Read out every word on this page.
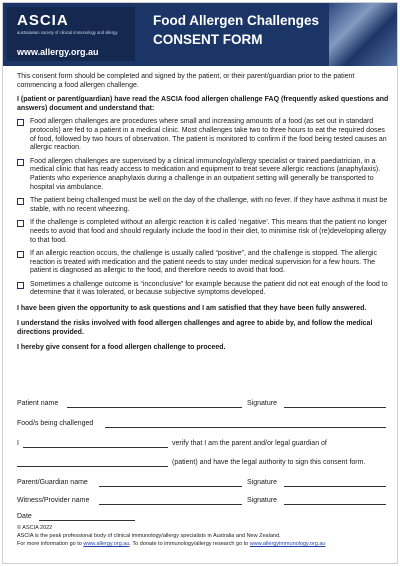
ASCIA
australasian society of clinical immunology and allergy
www.allergy.org.au
Food Allergen Challenges
CONSENT FORM

This consent form should be completed and signed by the patient, or their parent/guardian prior to the patient commencing a food allergen challenge.

I (patient or parent/guardian) have read the ASCIA food allergen challenge FAQ (frequently asked questions and answers) document and understand that:

Food allergen challenges are procedures where small and increasing amounts of a food (as set out in standard protocols) are fed to a patient in a medical clinic. Most challenges take two to three hours to eat the required doses of food, followed by two hours of observation. The patient is monitored to confirm if the food being tested causes an allergic reaction.
Food allergen challenges are supervised by a clinical immunology/allergy specialist or trained paediatrician, in a medical clinic that has ready access to medication and equipment to treat severe allergic reactions (anaphylaxis). Patients who experience anaphylaxis during a challenge in an outpatient setting will generally be transported to hospital via ambulance.
The patient being challenged must be well on the day of the challenge, with no fever. If they have asthma it must be stable, with no recent wheezing.
If the challenge is completed without an allergic reaction it is called ‘negative’. This means that the patient no longer needs to avoid that food and should regularly include the food in their diet, to minimise risk of (re)developing allergy to that food.
If an allergic reaction occurs, the challenge is usually called “positive”, and the challenge is stopped. The allergic reaction is treated with medication and the patient needs to stay under medical supervision for a few hours. The patient is diagnosed as allergic to the food, and therefore needs to avoid that food.
Sometimes a challenge outcome is “inconclusive” for example because the patient did not eat enough of the food to determine that it was tolerated, or because subjective symptoms developed.

I have been given the opportunity to ask questions and I am satisfied that they have been fully answered.

I understand the risks involved with food allergen challenges and agree to abide by, and follow the medical directions provided.

I hereby give consent for a food allergen challenge to proceed.

Patient name	Signature
Food/s being challenged
I	verify that I am the parent and/or legal guardian of
(patient) and have the legal authority to sign this consent form.
Parent/Guardian name	Signature
Witness/Provider name	Signature
Date
© ASCIA 2022
ASCIA is the peak professional body of clinical immunology/allergy specialists in Australia and New Zealand.
For more information go to www.allergy.org.au. To donate to immunology/allergy research go to www.allergyimmunology.org.au
